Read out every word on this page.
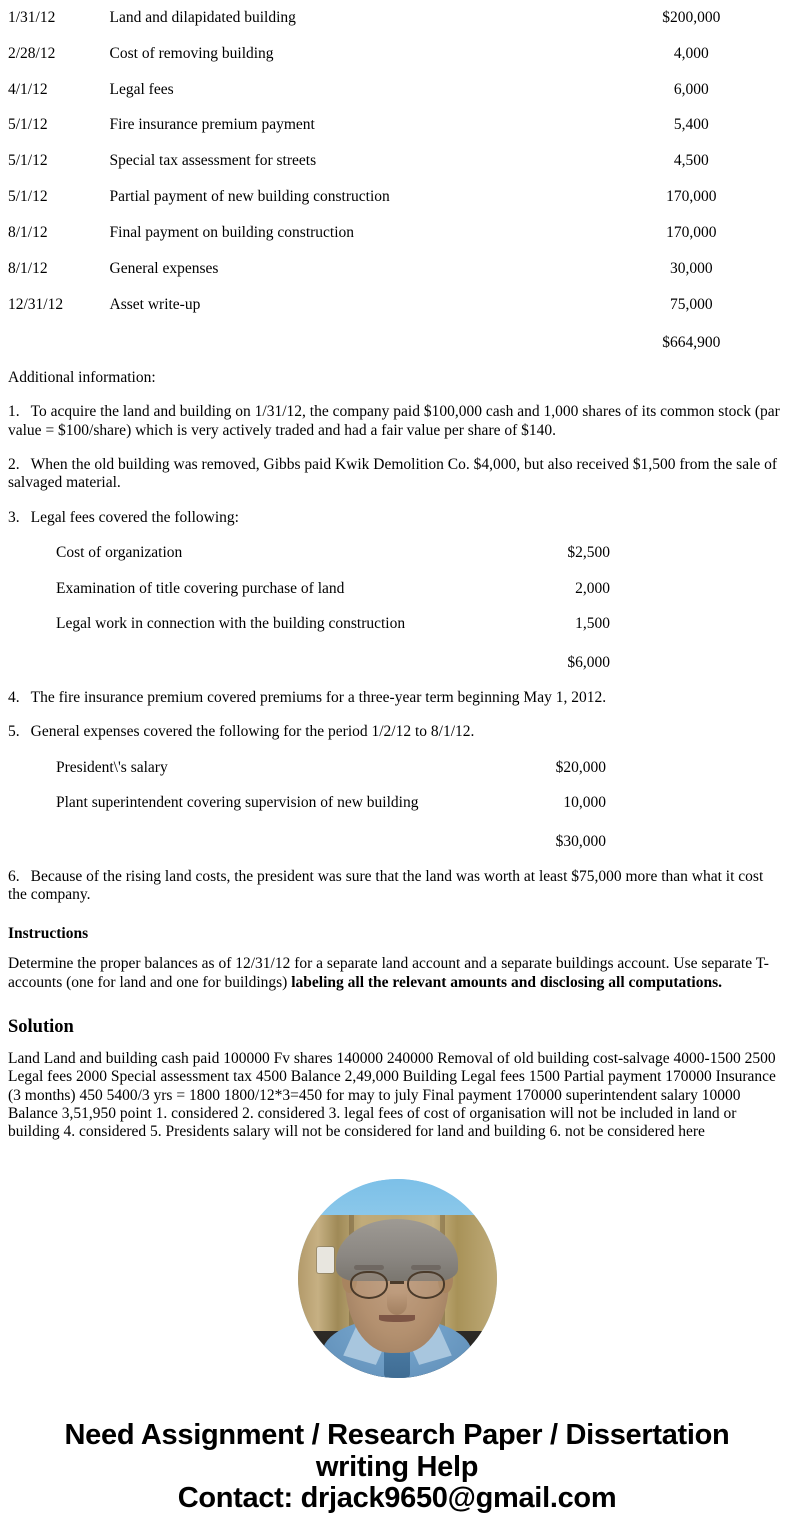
1/31/12	Land and dilapidated building	$200,000
2/28/12	Cost of removing building	4,000
4/1/12	Legal fees	6,000
5/1/12	Fire insurance premium payment	5,400
5/1/12	Special tax assessment for streets	4,500
5/1/12	Partial payment of new building construction	170,000
8/1/12	Final payment on building construction	170,000
8/1/12	General expenses	30,000
12/31/12	Asset write-up	75,000
		$664,900

Additional information:

1. To acquire the land and building on 1/31/12, the company paid $100,000 cash and 1,000 shares of its common stock (par value = $100/share) which is very actively traded and had a fair value per share of $140.

2. When the old building was removed, Gibbs paid Kwik Demolition Co. $4,000, but also received $1,500 from the sale of salvaged material.

3. Legal fees covered the following:

Cost of organization	$2,500
Examination of title covering purchase of land	2,000
Legal work in connection with the building construction	1,500
	$6,000

4. The fire insurance premium covered premiums for a three-year term beginning May 1, 2012.

5. General expenses covered the following for the period 1/2/12 to 8/1/12.

President\'s salary	$20,000
Plant superintendent covering supervision of new building	10,000
	$30,000

6. Because of the rising land costs, the president was sure that the land was worth at least $75,000 more than what it cost the company.

Instructions

Determine the proper balances as of 12/31/12 for a separate land account and a separate buildings account. Use separate T-accounts (one for land and one for buildings) labeling all the relevant amounts and disclosing all computations.

Solution

Land Land and building cash paid 100000 Fv shares 140000 240000 Removal of old building cost-salvage 4000-1500 2500 Legal fees 2000 Special assessment tax 4500 Balance 2,49,000 Building Legal fees 1500 Partial payment 170000 Insurance (3 months) 450 5400/3 yrs = 1800 1800/12*3=450 for may to july Final payment 170000 superintendent salary 10000 Balance 3,51,950 point 1. considered 2. considered 3. legal fees of cost of organisation will not be included in land or building 4. considered 5. Presidents salary will not be considered for land and building 6. not be considered here

Need Assignment / Research Paper / Dissertation
writing Help
Contact: drjack9650@gmail.com
